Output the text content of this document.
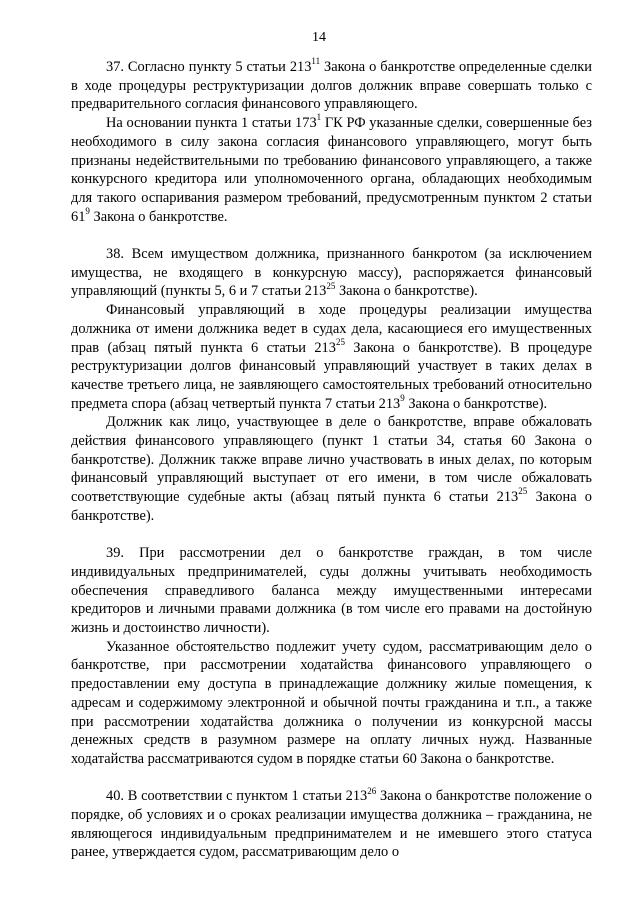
14

37. Согласно пункту 5 статьи $213^{11}$ Закона о банкротстве определенные сделки в ходе процедуры реструктуризации долгов должник вправе совершать только с предварительного согласия финансового управляющего.

На основании пункта 1 статьи $173^1$ ГК РФ указанные сделки, совершенные без необходимого в силу закона согласия финансового управляющего, могут быть признаны недействительными по требованию финансового управляющего, а также конкурсного кредитора или уполномоченного органа, обладающих необходимым для такого оспаривания размером требований, предусмотренным пунктом 2 статьи $61^9$ Закона о банкротстве.

38. Всем имуществом должника, признанного банкротом (за исключением имущества, не входящего в конкурсную массу), распоряжается финансовый управляющий (пункты 5, 6 и 7 статьи $213^{25}$ Закона о банкротстве).

Финансовый управляющий в ходе процедуры реализации имущества должника от имени должника ведет в судах дела, касающиеся его имущественных прав (абзац пятый пункта 6 статьи $213^{25}$ Закона о банкротстве). В процедуре реструктуризации долгов финансовый управляющий участвует в таких делах в качестве третьего лица, не заявляющего самостоятельных требований относительно предмета спора (абзац четвертый пункта 7 статьи $213^9$ Закона о банкротстве).

Должник как лицо, участвующее в деле о банкротстве, вправе обжаловать действия финансового управляющего (пункт 1 статьи 34, статья 60 Закона о банкротстве). Должник также вправе лично участвовать в иных делах, по которым финансовый управляющий выступает от его имени, в том числе обжаловать соответствующие судебные акты (абзац пятый пункта 6 статьи $213^{25}$ Закона о банкротстве).

39. При рассмотрении дел о банкротстве граждан, в том числе индивидуальных предпринимателей, суды должны учитывать необходимость обеспечения справедливого баланса между имущественными интересами кредиторов и личными правами должника (в том числе его правами на достойную жизнь и достоинство личности).

Указанное обстоятельство подлежит учету судом, рассматривающим дело о банкротстве, при рассмотрении ходатайства финансового управляющего о предоставлении ему доступа в принадлежащие должнику жилые помещения, к адресам и содержимому электронной и обычной почты гражданина и т.п., а также при рассмотрении ходатайства должника о получении из конкурсной массы денежных средств в разумном размере на оплату личных нужд. Названные ходатайства рассматриваются судом в порядке статьи 60 Закона о банкротстве.

40. В соответствии с пунктом 1 статьи $213^{26}$ Закона о банкротстве положение о порядке, об условиях и о сроках реализации имущества должника – гражданина, не являющегося индивидуальным предпринимателем и не имевшего этого статуса ранее, утверждается судом, рассматривающим дело о
